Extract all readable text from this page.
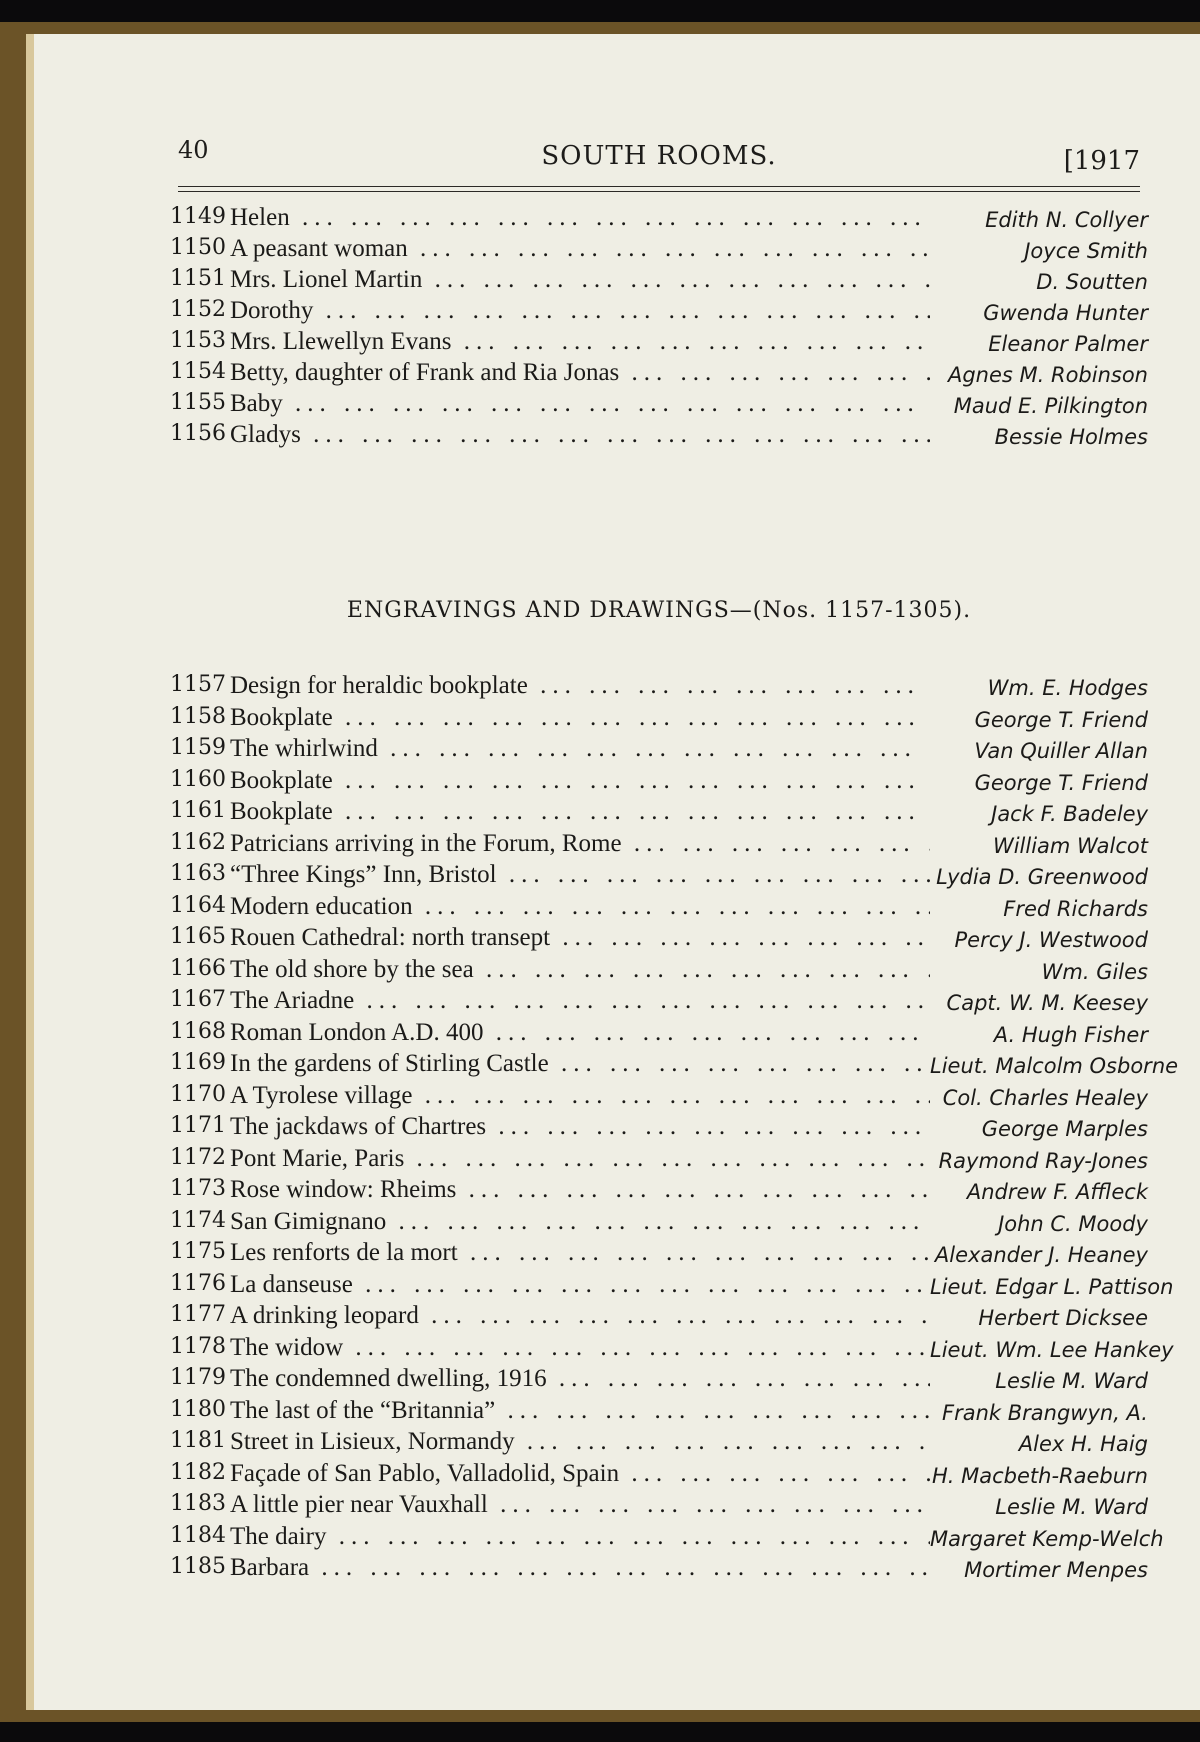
40	SOUTH ROOMS.	[1917
1149 Helen ... .	Edith N. Collyer
1150 A peasant woman ... .	Joyce Smith
1151 Mrs. Lionel Martin ... .	D. Soutten
1152 Dorothy ... .	Gwenda Hunter
1153 Mrs. Llewellyn Evans ... .	Eleanor Palmer
1154 Betty, daughter of Frank and Ria Jonas ... .	Agnes M. Robinson
1155 Baby ... .	Maud E. Pilkington
1156 Gladys ... .	Bessie Holmes
ENGRAVINGS AND DRAWINGS—(Nos. 1157-1305).
1157 Design for heraldic bookplate ... .	Wm. E. Hodges
1158 Bookplate ... .	George T. Friend
1159 The whirlwind ... .	Van Quiller Allan
1160 Bookplate ... .	George T. Friend
1161 Bookplate ... .	Jack F. Badeley
1162 Patricians arriving in the Forum, Rome ... .	William Walcot
1163 “Three Kings” Inn, Bristol ... .	Lydia D. Greenwood
1164 Modern education ... .	Fred Richards
1165 Rouen Cathedral: north transept ... .	Percy J. Westwood
1166 The old shore by the sea ... .	Wm. Giles
1167 The Ariadne ... .	Capt. W. M. Keesey
1168 Roman London A.D. 400 ... .	A. Hugh Fisher
1169 In the gardens of Stirling Castle ... .	Lieut. Malcolm Osborne
1170 A Tyrolese village ... .	Col. Charles Healey
1171 The jackdaws of Chartres ... .	George Marples
1172 Pont Marie, Paris ... .	Raymond Ray-Jones
1173 Rose window: Rheims ... .	Andrew F. Affleck
1174 San Gimignano ... .	John C. Moody
1175 Les renforts de la mort ... .	Alexander J. Heaney
1176 La danseuse ... .	Lieut. Edgar L. Pattison
1177 A drinking leopard ... .	Herbert Dicksee
1178 The widow ... .	Lieut. Wm. Lee Hankey
1179 The condemned dwelling, 1916 ... .	Leslie M. Ward
1180 The last of the “Britannia” ... .	Frank Brangwyn, A.
1181 Street in Lisieux, Normandy ... .	Alex H. Haig
1182 Façade of San Pablo, Valladolid, Spain ... .	H. Macbeth-Raeburn
1183 A little pier near Vauxhall ... .	Leslie M. Ward
1184 The dairy ... .	Margaret Kemp-Welch
1185 Barbara ... .	Mortimer Menpes
